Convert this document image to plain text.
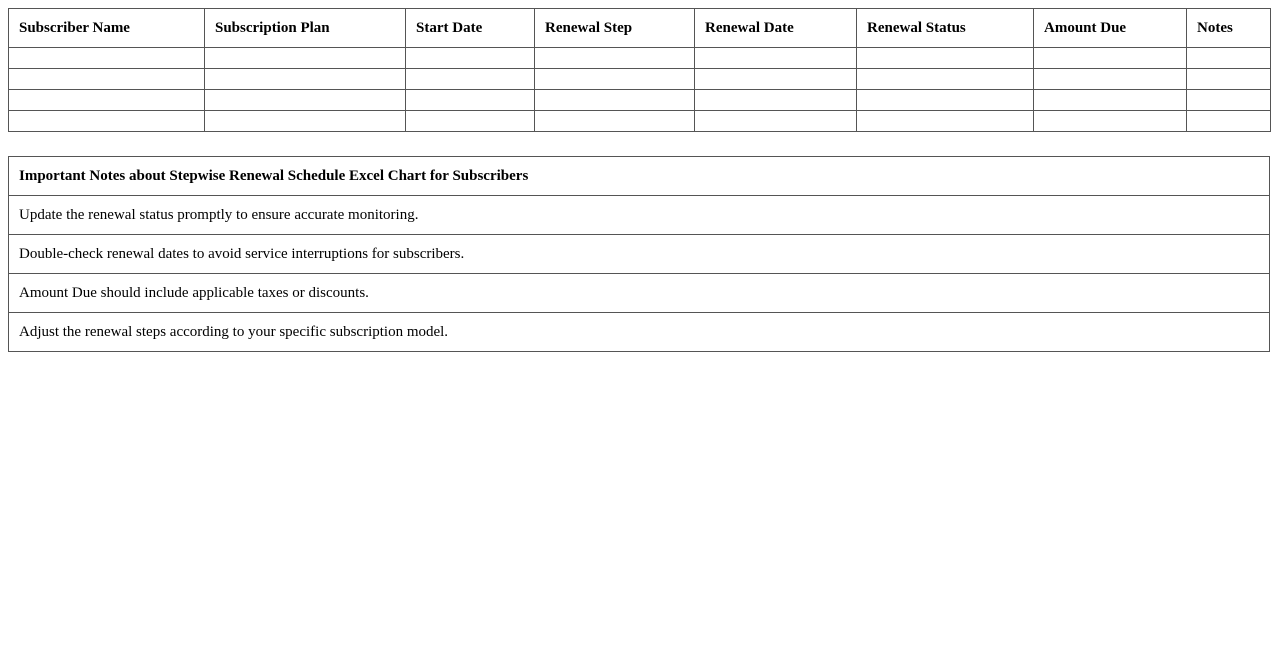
Subscriber Name	Subscription Plan	Start Date	Renewal Step	Renewal Date	Renewal Status	Amount Due	Notes

Important Notes about Stepwise Renewal Schedule Excel Chart for Subscribers
Update the renewal status promptly to ensure accurate monitoring.
Double-check renewal dates to avoid service interruptions for subscribers.
Amount Due should include applicable taxes or discounts.
Adjust the renewal steps according to your specific subscription model.
